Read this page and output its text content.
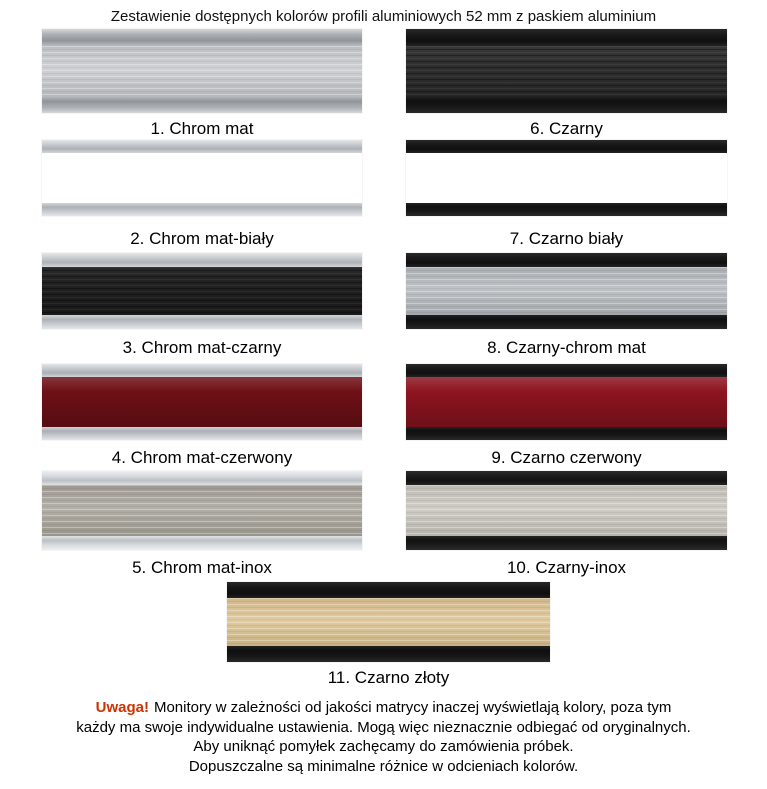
Zestawienie dostępnych kolorów profili aluminiowych 52 mm z paskiem aluminium
1. Chrom mat	6. Czarny
2. Chrom mat-biały	7. Czarno biały
3. Chrom mat-czarny	8. Czarny-chrom mat
4. Chrom mat-czerwony	9. Czarno czerwony
5. Chrom mat-inox	10. Czarny-inox
11. Czarno złoty
Uwaga! Monitory w zależności od jakości matrycy inaczej wyświetlają kolory, poza tym
każdy ma swoje indywidualne ustawienia. Mogą więc nieznacznie odbiegać od oryginalnych.
Aby uniknąć pomyłek zachęcamy do zamówienia próbek.
Dopuszczalne są minimalne różnice w odcieniach kolorów.
